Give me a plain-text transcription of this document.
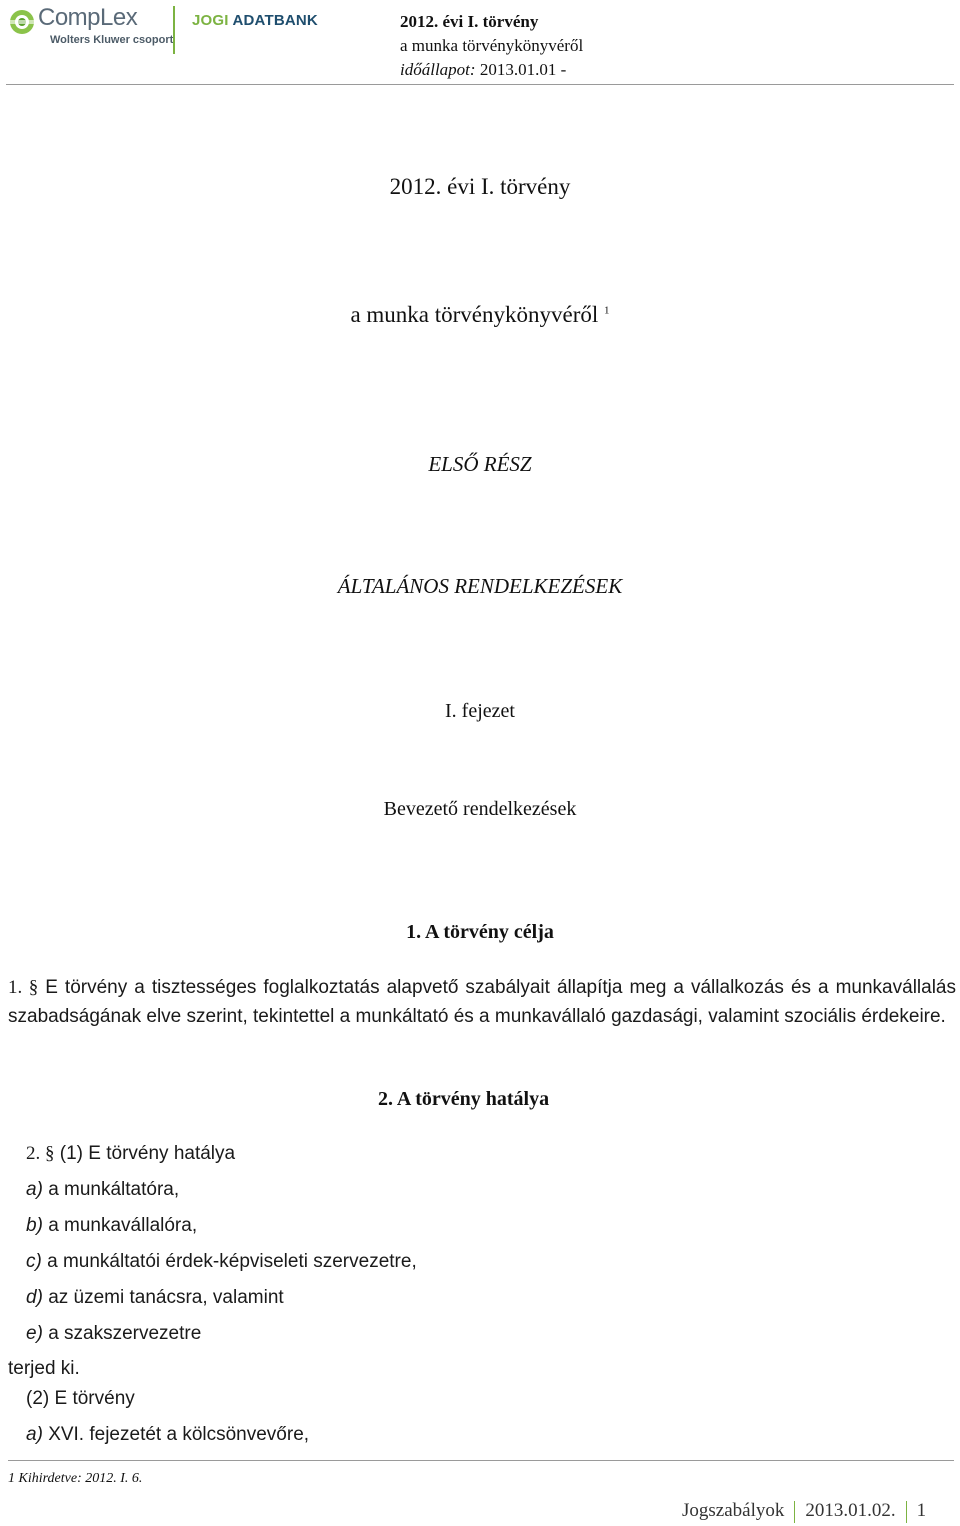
CompLex
Wolters Kluwer csoport
JOGI ADATBANK	2012. évi I. törvény
a munka törvénykönyvéről
időállapot: 2013.01.01 -
2012. évi I. törvény
a munka törvénykönyvéről $^1$
ELSŐ RÉSZ
ÁLTALÁNOS RENDELKEZÉSEK
I. fejezet
Bevezető rendelkezések
1. A törvény célja
1. § E törvény a tisztességes foglalkoztatás alapvető szabályait állapítja meg a vállalkozás és a munkavállalás szabadságának elve szerint, tekintettel a munkáltató és a munkavállaló gazdasági, valamint szociális érdekeire.
2. A törvény hatálya
2. § (1) E törvény hatálya
a) a munkáltatóra,
b) a munkavállalóra,
c) a munkáltatói érdek-képviseleti szervezetre,
d) az üzemi tanácsra, valamint
e) a szakszervezetre
terjed ki.
(2) E törvény
a) XVI. fejezetét a kölcsönvevőre,
1 Kihirdetve: 2012. I. 6.
Jogszabályok 2013.01.02. 1
